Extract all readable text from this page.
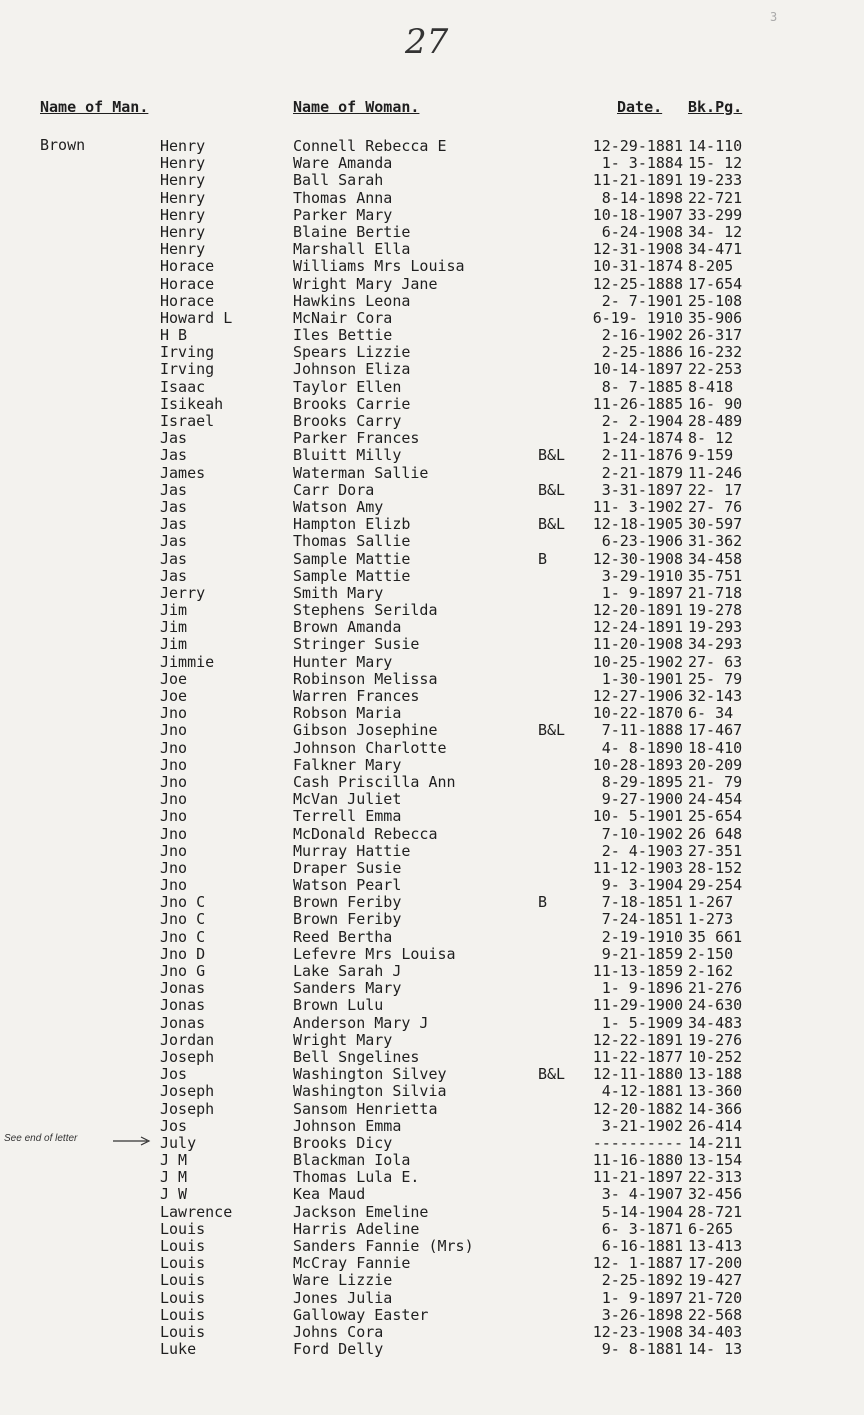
27
3
Name of Man.	Name of Woman.	Date. Bk.Pg.
Brown	Henry	Connell Rebecca E	12-29-1881 14-110
Henry	Ware Amanda	1- 3-1884 15- 12
Henry	Ball Sarah	11-21-1891 19-233
Henry	Thomas Anna	8-14-1898 22-721
Henry	Parker Mary	10-18-1907 33-299
Henry	Blaine Bertie	6-24-1908 34- 12
Henry	Marshall Ella	12-31-1908 34-471
Horace	Williams Mrs Louisa	10-31-1874 8-205
Horace	Wright Mary Jane	12-25-1888 17-654
Horace	Hawkins Leona	2- 7-1901 25-108
Howard L	McNair Cora	6-19- 1910 35-906
H B	Iles Bettie	2-16-1902 26-317
Irving	Spears Lizzie	2-25-1886 16-232
Irving	Johnson Eliza	10-14-1897 22-253
Isaac	Taylor Ellen	8- 7-1885 8-418
Isikeah	Brooks Carrie	11-26-1885 16- 90
Israel	Brooks Carry	2- 2-1904 28-489
Jas	Parker Frances	1-24-1874 8- 12
Jas	Bluitt Milly	B&L	2-11-1876 9-159
James	Waterman Sallie	2-21-1879 11-246
Jas	Carr Dora	B&L	3-31-1897 22- 17
Jas	Watson Amy	11- 3-1902 27- 76
Jas	Hampton Elizb	B&L	12-18-1905 30-597
Jas	Thomas Sallie	6-23-1906 31-362
Jas	Sample Mattie	B	12-30-1908 34-458
Jas	Sample Mattie	3-29-1910 35-751
Jerry	Smith Mary	1- 9-1897 21-718
Jim	Stephens Serilda	12-20-1891 19-278
Jim	Brown Amanda	12-24-1891 19-293
Jim	Stringer Susie	11-20-1908 34-293
Jimmie	Hunter Mary	10-25-1902 27- 63
Joe	Robinson Melissa	1-30-1901 25- 79
Joe	Warren Frances	12-27-1906 32-143
Jno	Robson Maria	10-22-1870 6- 34
Jno	Gibson Josephine	B&L	7-11-1888 17-467
Jno	Johnson Charlotte	4- 8-1890 18-410
Jno	Falkner Mary	10-28-1893 20-209
Jno	Cash Priscilla Ann	8-29-1895 21- 79
Jno	McVan Juliet	9-27-1900 24-454
Jno	Terrell Emma	10- 5-1901 25-654
Jno	McDonald Rebecca	7-10-1902 26 648
Jno	Murray Hattie	2- 4-1903 27-351
Jno	Draper Susie	11-12-1903 28-152
Jno	Watson Pearl	9- 3-1904 29-254
Jno C	Brown Feriby	B	7-18-1851 1-267
Jno C	Brown Feriby	7-24-1851 1-273
Jno C	Reed Bertha	2-19-1910 35 661
Jno D	Lefevre Mrs Louisa	9-21-1859 2-150
Jno G	Lake Sarah J	11-13-1859 2-162
Jonas	Sanders Mary	1- 9-1896 21-276
Jonas	Brown Lulu	11-29-1900 24-630
Jonas	Anderson Mary J	1- 5-1909 34-483
Jordan	Wright Mary	12-22-1891 19-276
Joseph	Bell Sngelines	11-22-1877 10-252
Jos	Washington Silvey	B&L	12-11-1880 13-188
Joseph	Washington Silvia	4-12-1881 13-360
Joseph	Sansom Henrietta	12-20-1882 14-366
Jos	Johnson Emma	3-21-1902 26-414
July	Brooks Dicy	---------- 14-211
J M	Blackman Iola	11-16-1880 13-154
J M	Thomas Lula E.	11-21-1897 22-313
J W	Kea Maud	3- 4-1907 32-456
Lawrence	Jackson Emeline	5-14-1904 28-721
Louis	Harris Adeline	6- 3-1871 6-265
Louis	Sanders Fannie (Mrs)	6-16-1881 13-413
Louis	McCray Fannie	12- 1-1887 17-200
Louis	Ware Lizzie	2-25-1892 19-427
Louis	Jones Julia	1- 9-1897 21-720
Louis	Galloway Easter	3-26-1898 22-568
Louis	Johns Cora	12-23-1908 34-403
Luke	Ford Delly	9- 8-1881 14- 13
See end of letter
